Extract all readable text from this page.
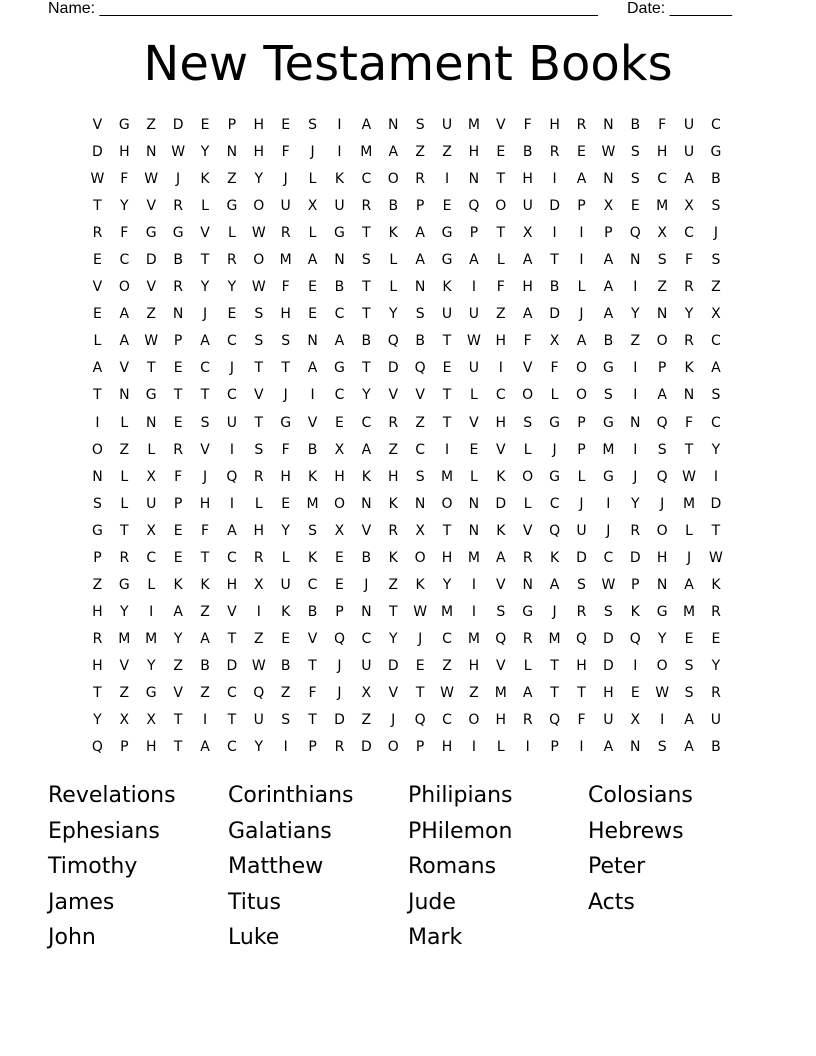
Name: ________________________________________________________ Date: _______
New Testament Books
V	G	Z	D	E	P	H	E	S	I	A	N	S	U	M	V	F	H	R	N	B	F	U	C
D	H	N	W	Y	N	H	F	J	I	M	A	Z	Z	H	E	B	R	E	W	S	H	U	G
W	F	W	J	K	Z	Y	J	L	K	C	O	R	I	N	T	H	I	A	N	S	C	A	B
T	Y	V	R	L	G	O	U	X	U	R	B	P	E	Q	O	U	D	P	X	E	M	X	S
R	F	G	G	V	L	W	R	L	G	T	K	A	G	P	T	X	I	I	P	Q	X	C	J
E	C	D	B	T	R	O	M	A	N	S	L	A	G	A	L	A	T	I	A	N	S	F	S
V	O	V	R	Y	Y	W	F	E	B	T	L	N	K	I	F	H	B	L	A	I	Z	R	Z
E	A	Z	N	J	E	S	H	E	C	T	Y	S	U	U	Z	A	D	J	A	Y	N	Y	X
L	A	W	P	A	C	S	S	N	A	B	Q	B	T	W	H	F	X	A	B	Z	O	R	C
A	V	T	E	C	J	T	T	A	G	T	D	Q	E	U	I	V	F	O	G	I	P	K	A
T	N	G	T	T	C	V	J	I	C	Y	V	V	T	L	C	O	L	O	S	I	A	N	S
I	L	N	E	S	U	T	G	V	E	C	R	Z	T	V	H	S	G	P	G	N	Q	F	C
O	Z	L	R	V	I	S	F	B	X	A	Z	C	I	E	V	L	J	P	M	I	S	T	Y
N	L	X	F	J	Q	R	H	K	H	K	H	S	M	L	K	O	G	L	G	J	Q	W	I
S	L	U	P	H	I	L	E	M	O	N	K	N	O	N	D	L	C	J	I	Y	J	M	D
G	T	X	E	F	A	H	Y	S	X	V	R	X	T	N	K	V	Q	U	J	R	O	L	T
P	R	C	E	T	C	R	L	K	E	B	K	O	H	M	A	R	K	D	C	D	H	J	W
Z	G	L	K	K	H	X	U	C	E	J	Z	K	Y	I	V	N	A	S	W	P	N	A	K
H	Y	I	A	Z	V	I	K	B	P	N	T	W M	I	S	G	J	R	S	K	G	M	R
R	M	M	Y	A	T	Z	E	V	Q	C	Y	J	C	M	Q	R	M	Q	D	Q	Y	E	E
H	V	Y	Z	B	D	W	B	T	J	U	D	E	Z	H	V	L	T	H	D	I	O	S	Y
T	Z	G	V	Z	C	Q	Z	F	J	X	V	T	W	Z	M	A	T	T	H	E	W	S	R
Y	X	X	T	I	T	U	S	T	D	Z	J	Q	C	O	H	R	Q	F	U	X	I	A	U
Q	P	H	T	A	C	Y	I	P	R	D	O	P	H	I	L	I	P	I	A	N	S	A	B
Revelations	Corinthians	Philipians	Colosians
Ephesians	Galatians	PHilemon	Hebrews
Timothy	Matthew	Romans	Peter
James	Titus	Jude	Acts
John	Luke	Mark
